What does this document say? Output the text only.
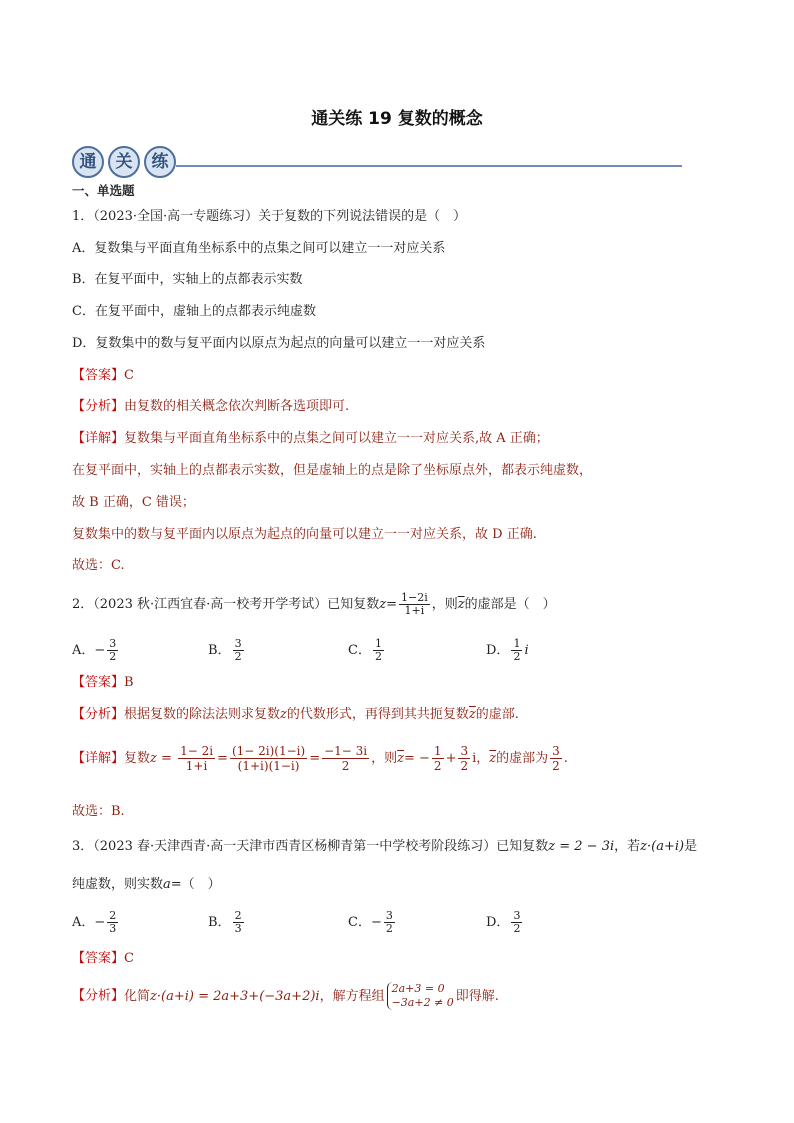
通关练 19 复数的概念
通	关	练
一、单选题
1．（2023·全国·高一专题练习）关于复数的下列说法错误的是（　）
A．复数集与平面直角坐标系中的点集之间可以建立一一对应关系
B．在复平面中，实轴上的点都表示实数
C．在复平面中，虚轴上的点都表示纯虚数
D．复数集中的数与复平面内以原点为起点的向量可以建立一一对应关系
【答案】C
【分析】由复数的相关概念依次判断各选项即可.
【详解】复数集与平面直角坐标系中的点集之间可以建立一一对应关系,故 A 正确；
在复平面中，实轴上的点都表示实数，但是虚轴上的点是除了坐标原点外，都表示纯虚数，
故 B 正确，C 错误；
复数集中的数与复平面内以原点为起点的向量可以建立一一对应关系，故 D 正确.
故选：C.
2．（2023 秋·江西宜春·高一校考开学考试）已知复数$z= \frac{1-2i}{1+i}$ ，则$\overline{z}$的虚部是（　）
A．− $\frac{3}{2}$	B． $\frac{3}{2}$	C． $\frac{1}{2}$	D． $\frac{1}{2}$ i
【答案】B
【分析】根据复数的除法法则求复数z的代数形式，再得到其共扼复数$\overline{z}$的虚部.
【详解】复数$z = \frac{1- 2i}{1+i} = \frac{(1- 2i)(1-i)}{(1+i)(1-i)} = \frac{-1- 3i}{2}$ ，则$\overline{z}= - \frac{1}{2} + \frac{3}{2}$ i，$\overline{z}$的虚部为 $\frac{3}{2}$ .
故选：B.
3．（2023 春·天津西青·高一天津市西青区杨柳青第一中学校考阶段练习）已知复数z = 2 − 3i，若z·(a+i)是
纯虚数，则实数a=（　）
A．− $\frac{2}{3}$	B． $\frac{2}{3}$	C．− $\frac{3}{2}$	D． $\frac{3}{2}$
【答案】C
【分析】化简z·(a+i) = 2a+3+(−3a+2)i，解方程组 2a+3 = 0
−3a+2 ≠ 0 即得解.
